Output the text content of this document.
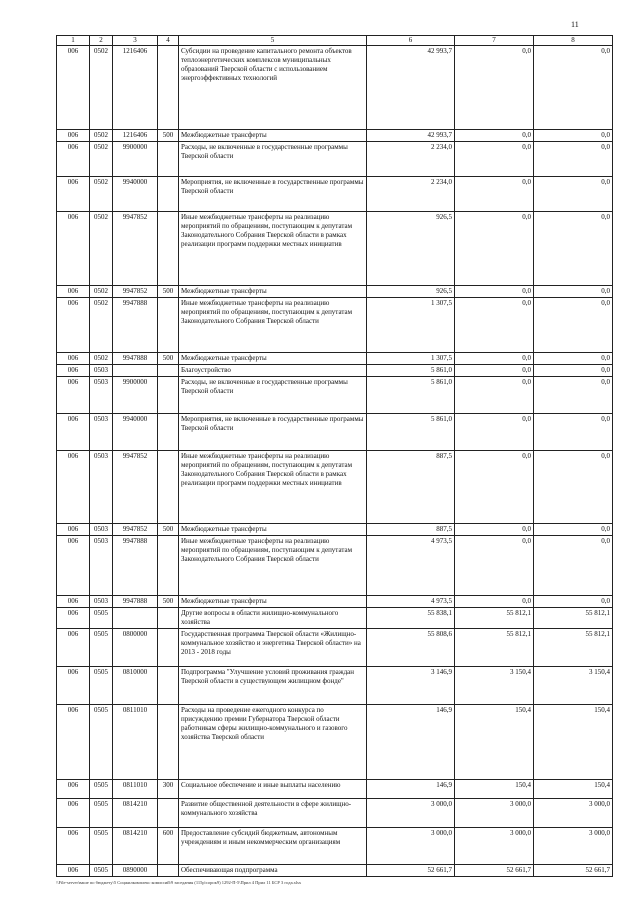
11
1	2	3	4	5	6	7	8
006	0502	1216406		Субсидии на проведение капитального ремонта объектов теплоэнергетических комплексов муниципальных образований Тверской области с использованием энергоэффективных технологий	42 993,7	0,0	0,0
006	0502	1216406	500	Межбюджетные трансферты	42 993,7	0,0	0,0
006	0502	9900000		Расходы, не включенные в государственные программы Тверской области	2 234,0	0,0	0,0
006	0502	9940000		Мероприятия, не включенные в государственные программы Тверской области	2 234,0	0,0	0,0
006	0502	9947852		Иные межбюджетные трансферты на реализацию мероприятий по обращениям, поступающим к депутатам Законодательного Собрания Тверской области в рамках реализации программ поддержки местных инициатив	926,5	0,0	0,0
006	0502	9947852	500	Межбюджетные трансферты	926,5	0,0	0,0
006	0502	9947888		Иные межбюджетные трансферты на реализацию мероприятий по обращениям, поступающим к депутатам Законодательного Собрания Тверской области	1 307,5	0,0	0,0
006	0502	9947888	500	Межбюджетные трансферты	1 307,5	0,0	0,0
006	0503			Благоустройство	5 861,0	0,0	0,0
006	0503	9900000		Расходы, не включенные в государственные программы Тверской области	5 861,0	0,0	0,0
006	0503	9940000		Мероприятия, не включенные в государственные программы Тверской области	5 861,0	0,0	0,0
006	0503	9947852		Иные межбюджетные трансферты на реализацию мероприятий по обращениям, поступающим к депутатам Законодательного Собрания Тверской области в рамках реализации программ поддержки местных инициатив	887,5	0,0	0,0
006	0503	9947852	500	Межбюджетные трансферты	887,5	0,0	0,0
006	0503	9947888		Иные межбюджетные трансферты на реализацию мероприятий по обращениям, поступающим к депутатам Законодательного Собрания Тверской области	4 973,5	0,0	0,0
006	0503	9947888	500	Межбюджетные трансферты	4 973,5	0,0	0,0
006	0505			Другие вопросы в области жилищно-коммунального хозяйства	55 838,1	55 812,1	55 812,1
006	0505	0800000		Государственная программа Тверской области «Жилищно-коммунальное хозяйство и энергетика Тверской области» на 2013 - 2018 годы	55 808,6	55 812,1	55 812,1
006	0505	0810000		Подпрограмма "Улучшение условий проживания граждан Тверской области в существующем жилищном фонде"	3 146,9	3 150,4	3 150,4
006	0505	0811010		Расходы на проведение ежегодного конкурса по присуждению премии Губернатора Тверской области работникам сферы жилищно-коммунального и газового хозяйства Тверской области	146,9	150,4	150,4
006	0505	0811010	300	Социальное обеспечение и иные выплаты населению	146,9	150,4	150,4
006	0505	0814210		Развитие общественной деятельности в сфере жилищно-коммунального хозяйства	3 000,0	3 000,0	3 000,0
006	0505	0814210	600	Предоставление субсидий бюджетным, автономным учреждениям и иным некоммерческим организациям	3 000,0	3 000,0	3 000,0
006	0505	0890000		Обеспечивающая подпрограмма	52 661,7	52 661,7	52 661,7
\\File-server\ваше по бюджету\5 Соцжилкомплекс комиссий\9 заседания (115р\сорок9) 1292-П-5\Прил 4 Прил 11 БСР 3 года.xlsx
